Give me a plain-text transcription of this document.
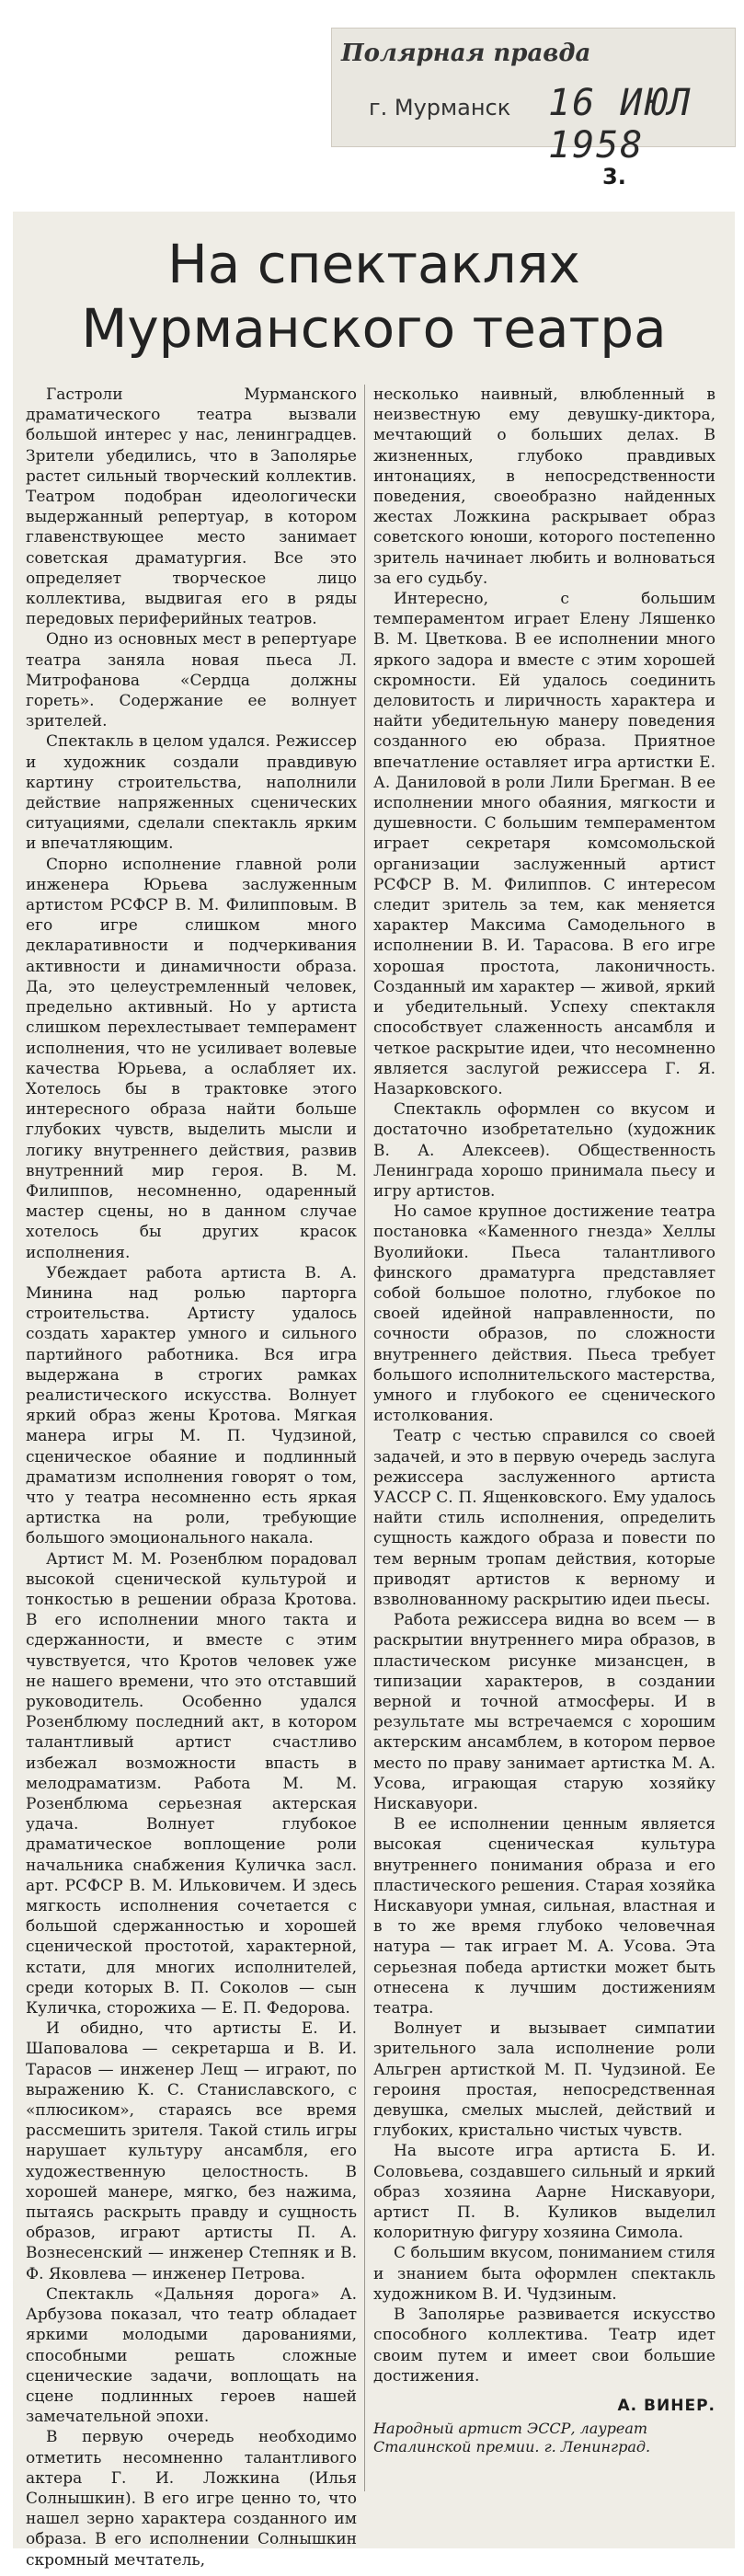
Полярная правда
г. Мурманск 16 ИЮЛ 1958
3.
На спектаклях
Мурманского театра

Гастроли Мурманского драматического театра вызвали большой интерес у нас, ленинградцев. Зрители убедились, что в Заполярье растет сильный творческий коллектив. Театром подобран идеологически выдержанный репертуар, в котором главенствующее место занимает советская драматургия. Все это определяет творческое лицо коллектива, выдвигая его в ряды передовых периферийных театров.

Одно из основных мест в репертуаре театра заняла новая пьеса Л. Митрофанова «Сердца должны гореть». Содержание ее волнует зрителей.

Спектакль в целом удался. Режиссер и художник создали правдивую картину строительства, наполнили действие напряженных сценических ситуациями, сделали спектакль ярким и впечатляющим.

Спорно исполнение главной роли инженера Юрьева заслуженным артистом РСФСР В. М. Филипповым. В его игре слишком много декларативности и подчеркивания активности и динамичности образа. Да, это целеустремленный человек, предельно активный. Но у артиста слишком перехлестывает темперамент исполнения, что не усиливает волевые качества Юрьева, а ослабляет их. Хотелось бы в трактовке этого интересного образа найти больше глубоких чувств, выделить мысли и логику внутреннего действия, развив внутренний мир героя. В. М. Филиппов, несомненно, одаренный мастер сцены, но в данном случае хотелось бы других красок исполнения.

Убеждает работа артиста В. А. Минина над ролью парторга строительства. Артисту удалось создать характер умного и сильного партийного работника. Вся игра выдержана в строгих рамках реалистического искусства. Волнует яркий образ жены Кротова. Мягкая манера игры М. П. Чудзиной, сценическое обаяние и подлинный драматизм исполнения говорят о том, что у театра несомненно есть яркая артистка на роли, требующие большого эмоционального накала.

Артист М. М. Розенблюм порадовал высокой сценической культурой и тонкостью в решении образа Кротова. В его исполнении много такта и сдержанности, и вместе с этим чувствуется, что Кротов человек уже не нашего времени, что это отставший руководитель. Особенно удался Розенблюму последний акт, в котором талантливый артист счастливо избежал возможности впасть в мелодраматизм. Работа М. М. Розенблюма серьезная актерская удача. Волнует глубокое драматическое воплощение роли начальника снабжения Куличка засл. арт. РСФСР В. М. Ильковичем. И здесь мягкость исполнения сочетается с большой сдержанностью и хорошей сценической простотой, характерной, кстати, для многих исполнителей, среди которых В. П. Соколов — сын Куличка, сторожиха — Е. П. Федорова.

И обидно, что артисты Е. И. Шаповалова — секретарша и В. И. Тарасов — инженер Лещ — играют, по выражению К. С. Станиславского, с «плюсиком», стараясь все время рассмешить зрителя. Такой стиль игры нарушает культуру ансамбля, его художественную целостность. В хорошей манере, мягко, без нажима, пытаясь раскрыть правду и сущность образов, играют артисты П. А. Вознесенский — инженер Степняк и В. Ф. Яковлева — инженер Петрова.

Спектакль «Дальняя дорога» А. Арбузова показал, что театр обладает яркими молодыми дарованиями, способными решать сложные сценические задачи, воплощать на сцене подлинных героев нашей замечательной эпохи.

В первую очередь необходимо отметить несомненно талантливого актера Г. И. Ложкина (Илья Солнышкин). В его игре ценно то, что нашел зерно характера созданного им образа. В его исполнении Солнышкин скромный мечтатель,

несколько наивный, влюбленный в неизвестную ему девушку-диктора, мечтающий о больших делах. В жизненных, глубоко правдивых интонациях, в непосредственности поведения, своеобразно найденных жестах Ложкина раскрывает образ советского юноши, которого постепенно зритель начинает любить и волноваться за его судьбу.

Интересно, с большим темпераментом играет Елену Ляшенко В. М. Цветкова. В ее исполнении много яркого задора и вместе с этим хорошей скромности. Ей удалось соединить деловитость и лиричность характера и найти убедительную манеру поведения созданного ею образа. Приятное впечатление оставляет игра артистки Е. А. Даниловой в роли Лили Брегман. В ее исполнении много обаяния, мягкости и душевности. С большим темпераментом играет секретаря комсомольской организации заслуженный артист РСФСР В. М. Филиппов. С интересом следит зритель за тем, как меняется характер Максима Самодельного в исполнении В. И. Тарасова. В его игре хорошая простота, лаконичность. Созданный им характер — живой, яркий и убедительный. Успеху спектакля способствует слаженность ансамбля и четкое раскрытие идеи, что несомненно является заслугой режиссера Г. Я. Назарковского.

Спектакль оформлен со вкусом и достаточно изобретательно (художник В. А. Алексеев). Общественность Ленинграда хорошо принимала пьесу и игру артистов.

Но самое крупное достижение театра постановка «Каменного гнезда» Хеллы Вуолийоки. Пьеса талантливого финского драматурга представляет собой большое полотно, глубокое по своей идейной направленности, по сочности образов, по сложности внутреннего действия. Пьеса требует большого исполнительского мастерства, умного и глубокого ее сценического истолкования.

Театр с честью справился со своей задачей, и это в первую очередь заслуга режиссера заслуженного артиста УАССР С. П. Ященковского. Ему удалось найти стиль исполнения, определить сущность каждого образа и повести по тем верным тропам действия, которые приводят артистов к верному и взволнованному раскрытию идеи пьесы.

Работа режиссера видна во всем — в раскрытии внутреннего мира образов, в пластическом рисунке мизансцен, в типизации характеров, в создании верной и точной атмосферы. И в результате мы встречаемся с хорошим актерским ансамблем, в котором первое место по праву занимает артистка М. А. Усова, играющая старую хозяйку Нискавуори.

В ее исполнении ценным является высокая сценическая культура внутреннего понимания образа и его пластического решения. Старая хозяйка Нискавуори умная, сильная, властная и в то же время глубоко человечная натура — так играет М. А. Усова. Эта серьезная победа артистки может быть отнесена к лучшим достижениям театра.

Волнует и вызывает симпатии зрительного зала исполнение роли Альгрен артисткой М. П. Чудзиной. Ее героиня простая, непосредственная девушка, смелых мыслей, действий и глубоких, кристально чистых чувств.

На высоте игра артиста Б. И. Соловьева, создавшего сильный и яркий образ хозяина Аарне Нискавуори, артист П. В. Куликов выделил колоритную фигуру хозяина Симола.

С большим вкусом, пониманием стиля и знанием быта оформлен спектакль художником В. И. Чудзиным.

В Заполярье развивается искусство способного коллектива. Театр идет своим путем и имеет свои большие достижения.

А. ВИНЕР.
Народный артист ЭССР, лауреат Сталинской премии. г. Ленинград.
